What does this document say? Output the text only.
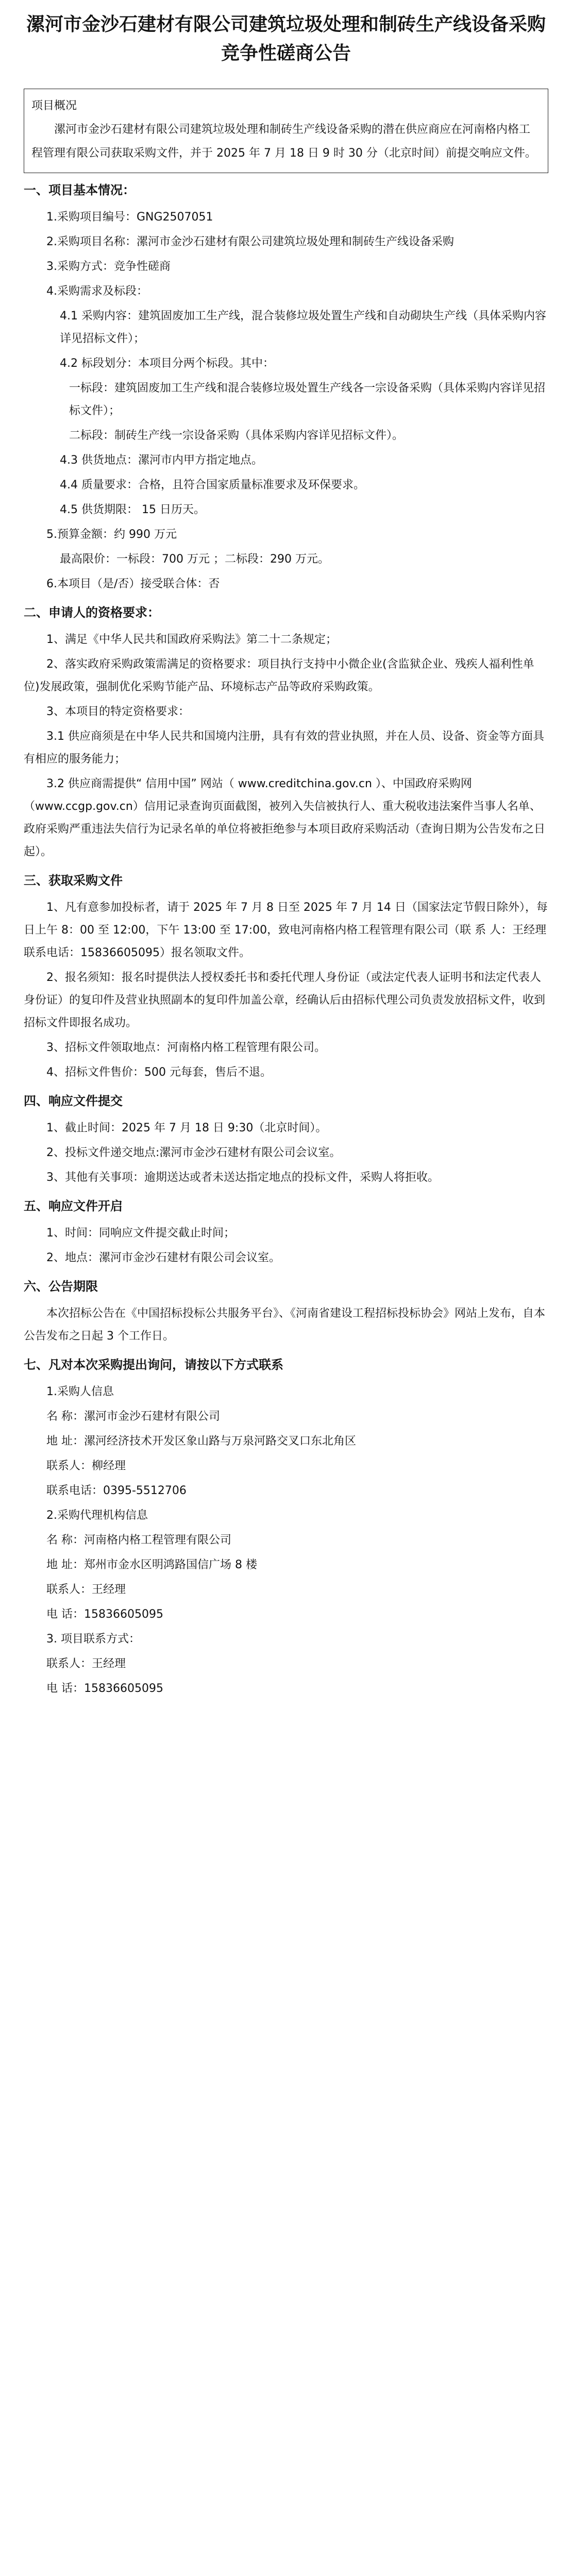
漯河市金沙石建材有限公司建筑垃圾处理和制砖生产线设备采购竞争性磋商公告
项目概况
漯河市金沙石建材有限公司建筑垃圾处理和制砖生产线设备采购的潜在供应商应在河南格内格工程管理有限公司获取采购文件，并于 2025 年 7 月 18 日 9 时 30 分（北京时间）前提交响应文件。
一、项目基本情况：
1.采购项目编号：GNG2507051
2.采购项目名称：漯河市金沙石建材有限公司建筑垃圾处理和制砖生产线设备采购
3.采购方式：竞争性磋商
4.采购需求及标段：
4.1 采购内容：建筑固废加工生产线，混合装修垃圾处置生产线和自动砌块生产线（具体采购内容详见招标文件）；
4.2 标段划分：本项目分两个标段。其中：
一标段：建筑固废加工生产线和混合装修垃圾处置生产线各一宗设备采购（具体采购内容详见招标文件）；
二标段：制砖生产线一宗设备采购（具体采购内容详见招标文件）。
4.3 供货地点：漯河市内甲方指定地点。
4.4 质量要求：合格，且符合国家质量标准要求及环保要求。
4.5 供货期限： 15 日历天。
5.预算金额：约 990 万元
最高限价：一标段：700 万元 ；二标段：290 万元。
6.本项目（是/否）接受联合体：否
二、申请人的资格要求：
1、满足《中华人民共和国政府采购法》第二十二条规定；
2、落实政府采购政策需满足的资格要求：项目执行支持中小微企业(含监狱企业、残疾人福利性单位)发展政策，强制优化采购节能产品、环境标志产品等政府采购政策。
3、本项目的特定资格要求：
3.1 供应商须是在中华人民共和国境内注册，具有有效的营业执照，并在人员、设备、资金等方面具有相应的服务能力；
3.2 供应商需提供“ 信用中国” 网站（ www.creditchina.gov.cn ）、中国政府采购网（www.ccgp.gov.cn）信用记录查询页面截图，被列入失信被执行人、重大税收违法案件当事人名单、政府采购严重违法失信行为记录名单的单位将被拒绝参与本项目政府采购活动（查询日期为公告发布之日起）。
三、获取采购文件
1、凡有意参加投标者，请于 2025 年 7 月 8 日至 2025 年 7 月 14 日（国家法定节假日除外），每日上午 8：00 至 12:00，下午 13:00 至 17:00，致电河南格内格工程管理有限公司（联 系 人：王经理 联系电话：15836605095）报名领取文件。
2、报名须知：报名时提供法人授权委托书和委托代理人身份证（或法定代表人证明书和法定代表人身份证）的复印件及营业执照副本的复印件加盖公章，经确认后由招标代理公司负责发放招标文件，收到招标文件即报名成功。
3、招标文件领取地点：河南格内格工程管理有限公司。
4、招标文件售价：500 元每套，售后不退。
四、响应文件提交
1、截止时间：2025 年 7 月 18 日 9:30（北京时间）。
2、投标文件递交地点:漯河市金沙石建材有限公司会议室。
3、其他有关事项：逾期送达或者未送达指定地点的投标文件，采购人将拒收。
五、响应文件开启
1、时间：同响应文件提交截止时间；
2、地点：漯河市金沙石建材有限公司会议室。
六、公告期限
本次招标公告在《中国招标投标公共服务平台》、《河南省建设工程招标投标协会》网站上发布，自本公告发布之日起 3 个工作日。
七、凡对本次采购提出询问，请按以下方式联系
1.采购人信息
名 称：漯河市金沙石建材有限公司
地 址：漯河经济技术开发区象山路与万泉河路交叉口东北角区
联系人：柳经理
联系电话：0395-5512706
2.采购代理机构信息
名 称：河南格内格工程管理有限公司
地 址：郑州市金水区明鸿路国信广场 8 楼
联系人：王经理
电 话：15836605095
3. 项目联系方式：
联系人：王经理
电 话：15836605095
